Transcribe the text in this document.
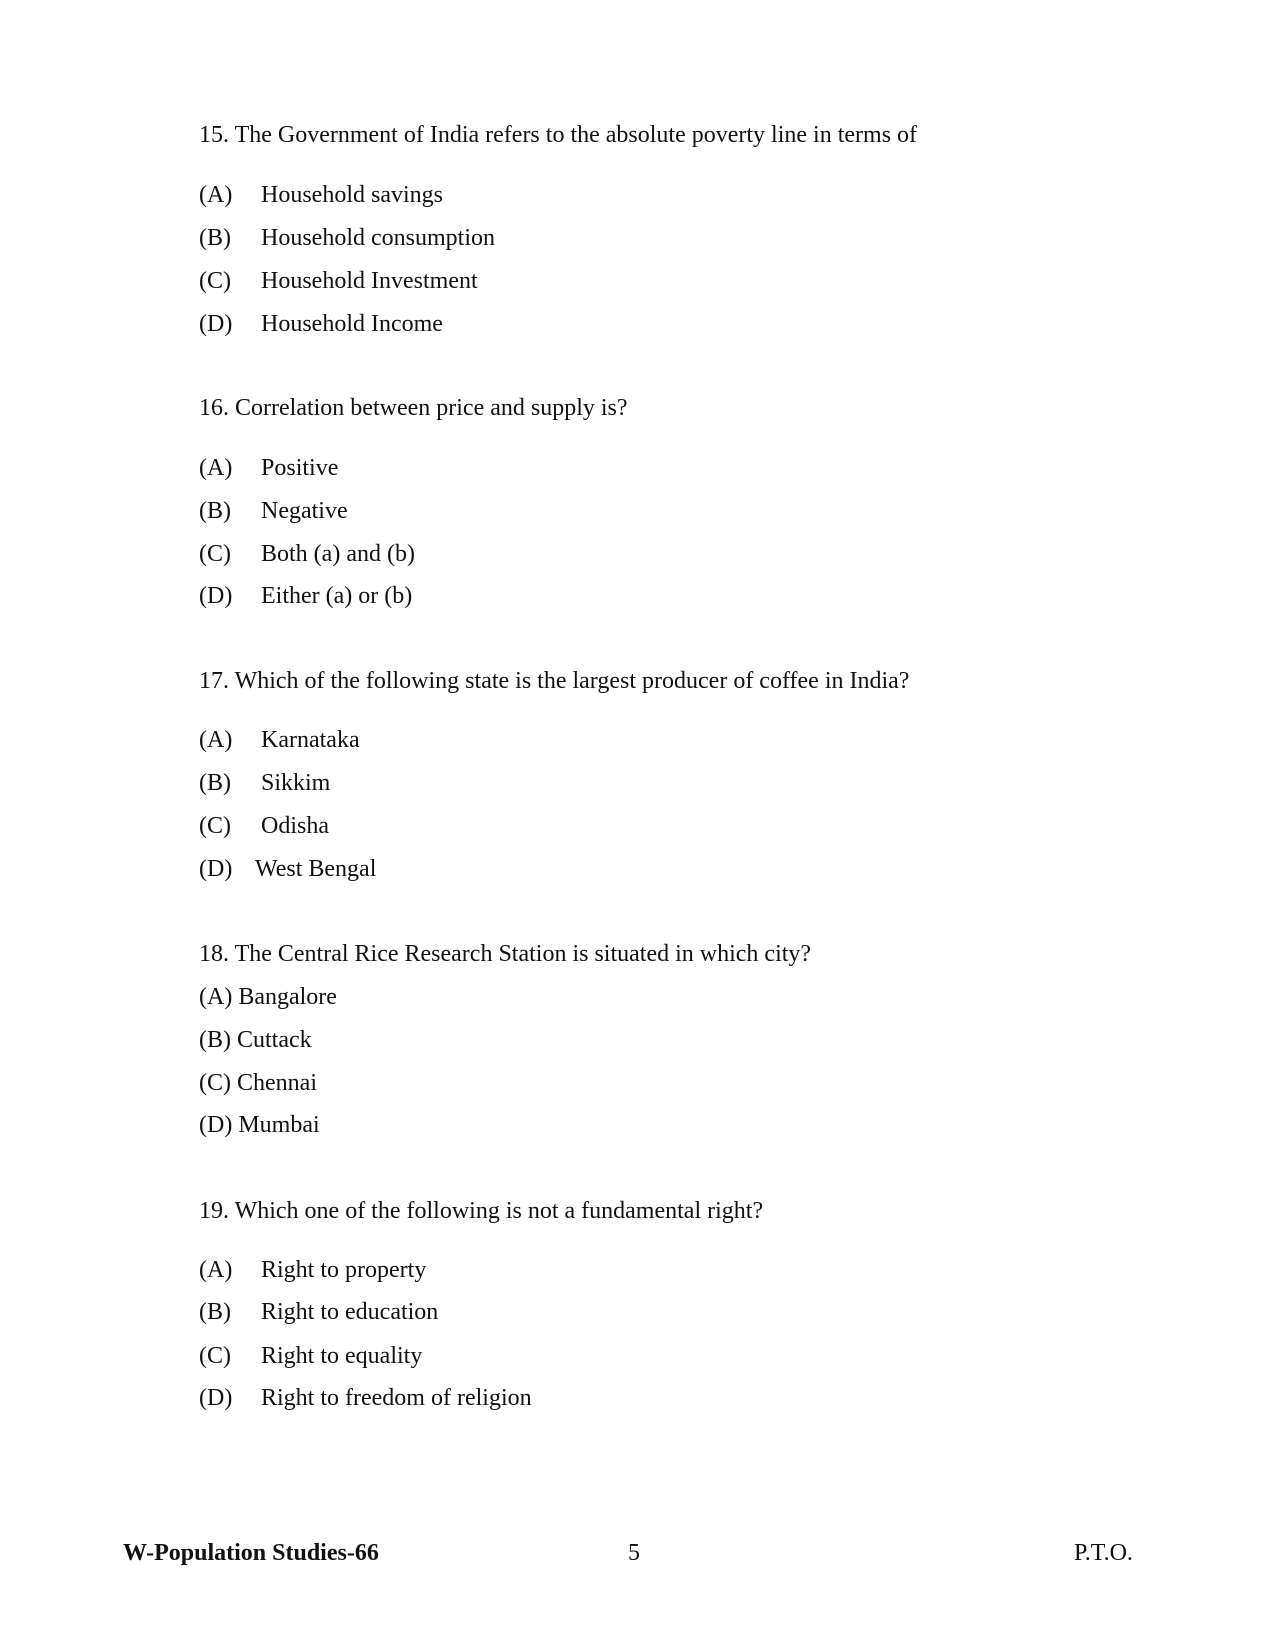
15. The Government of India refers to the absolute poverty line in terms of
(A) Household savings
(B) Household consumption
(C) Household Investment
(D) Household Income
16. Correlation between price and supply is?
(A) Positive
(B) Negative
(C) Both (a) and (b)
(D) Either (a) or (b)
17. Which of the following state is the largest producer of coffee in India?
(A) Karnataka
(B) Sikkim
(C) Odisha
(D) West Bengal
18. The Central Rice Research Station is situated in which city?
(A) Bangalore
(B) Cuttack
(C) Chennai
(D) Mumbai
19. Which one of the following is not a fundamental right?
(A) Right to property
(B) Right to education
(C) Right to equality
(D) Right to freedom of religion
W-Population Studies-66	5	P.T.O.
